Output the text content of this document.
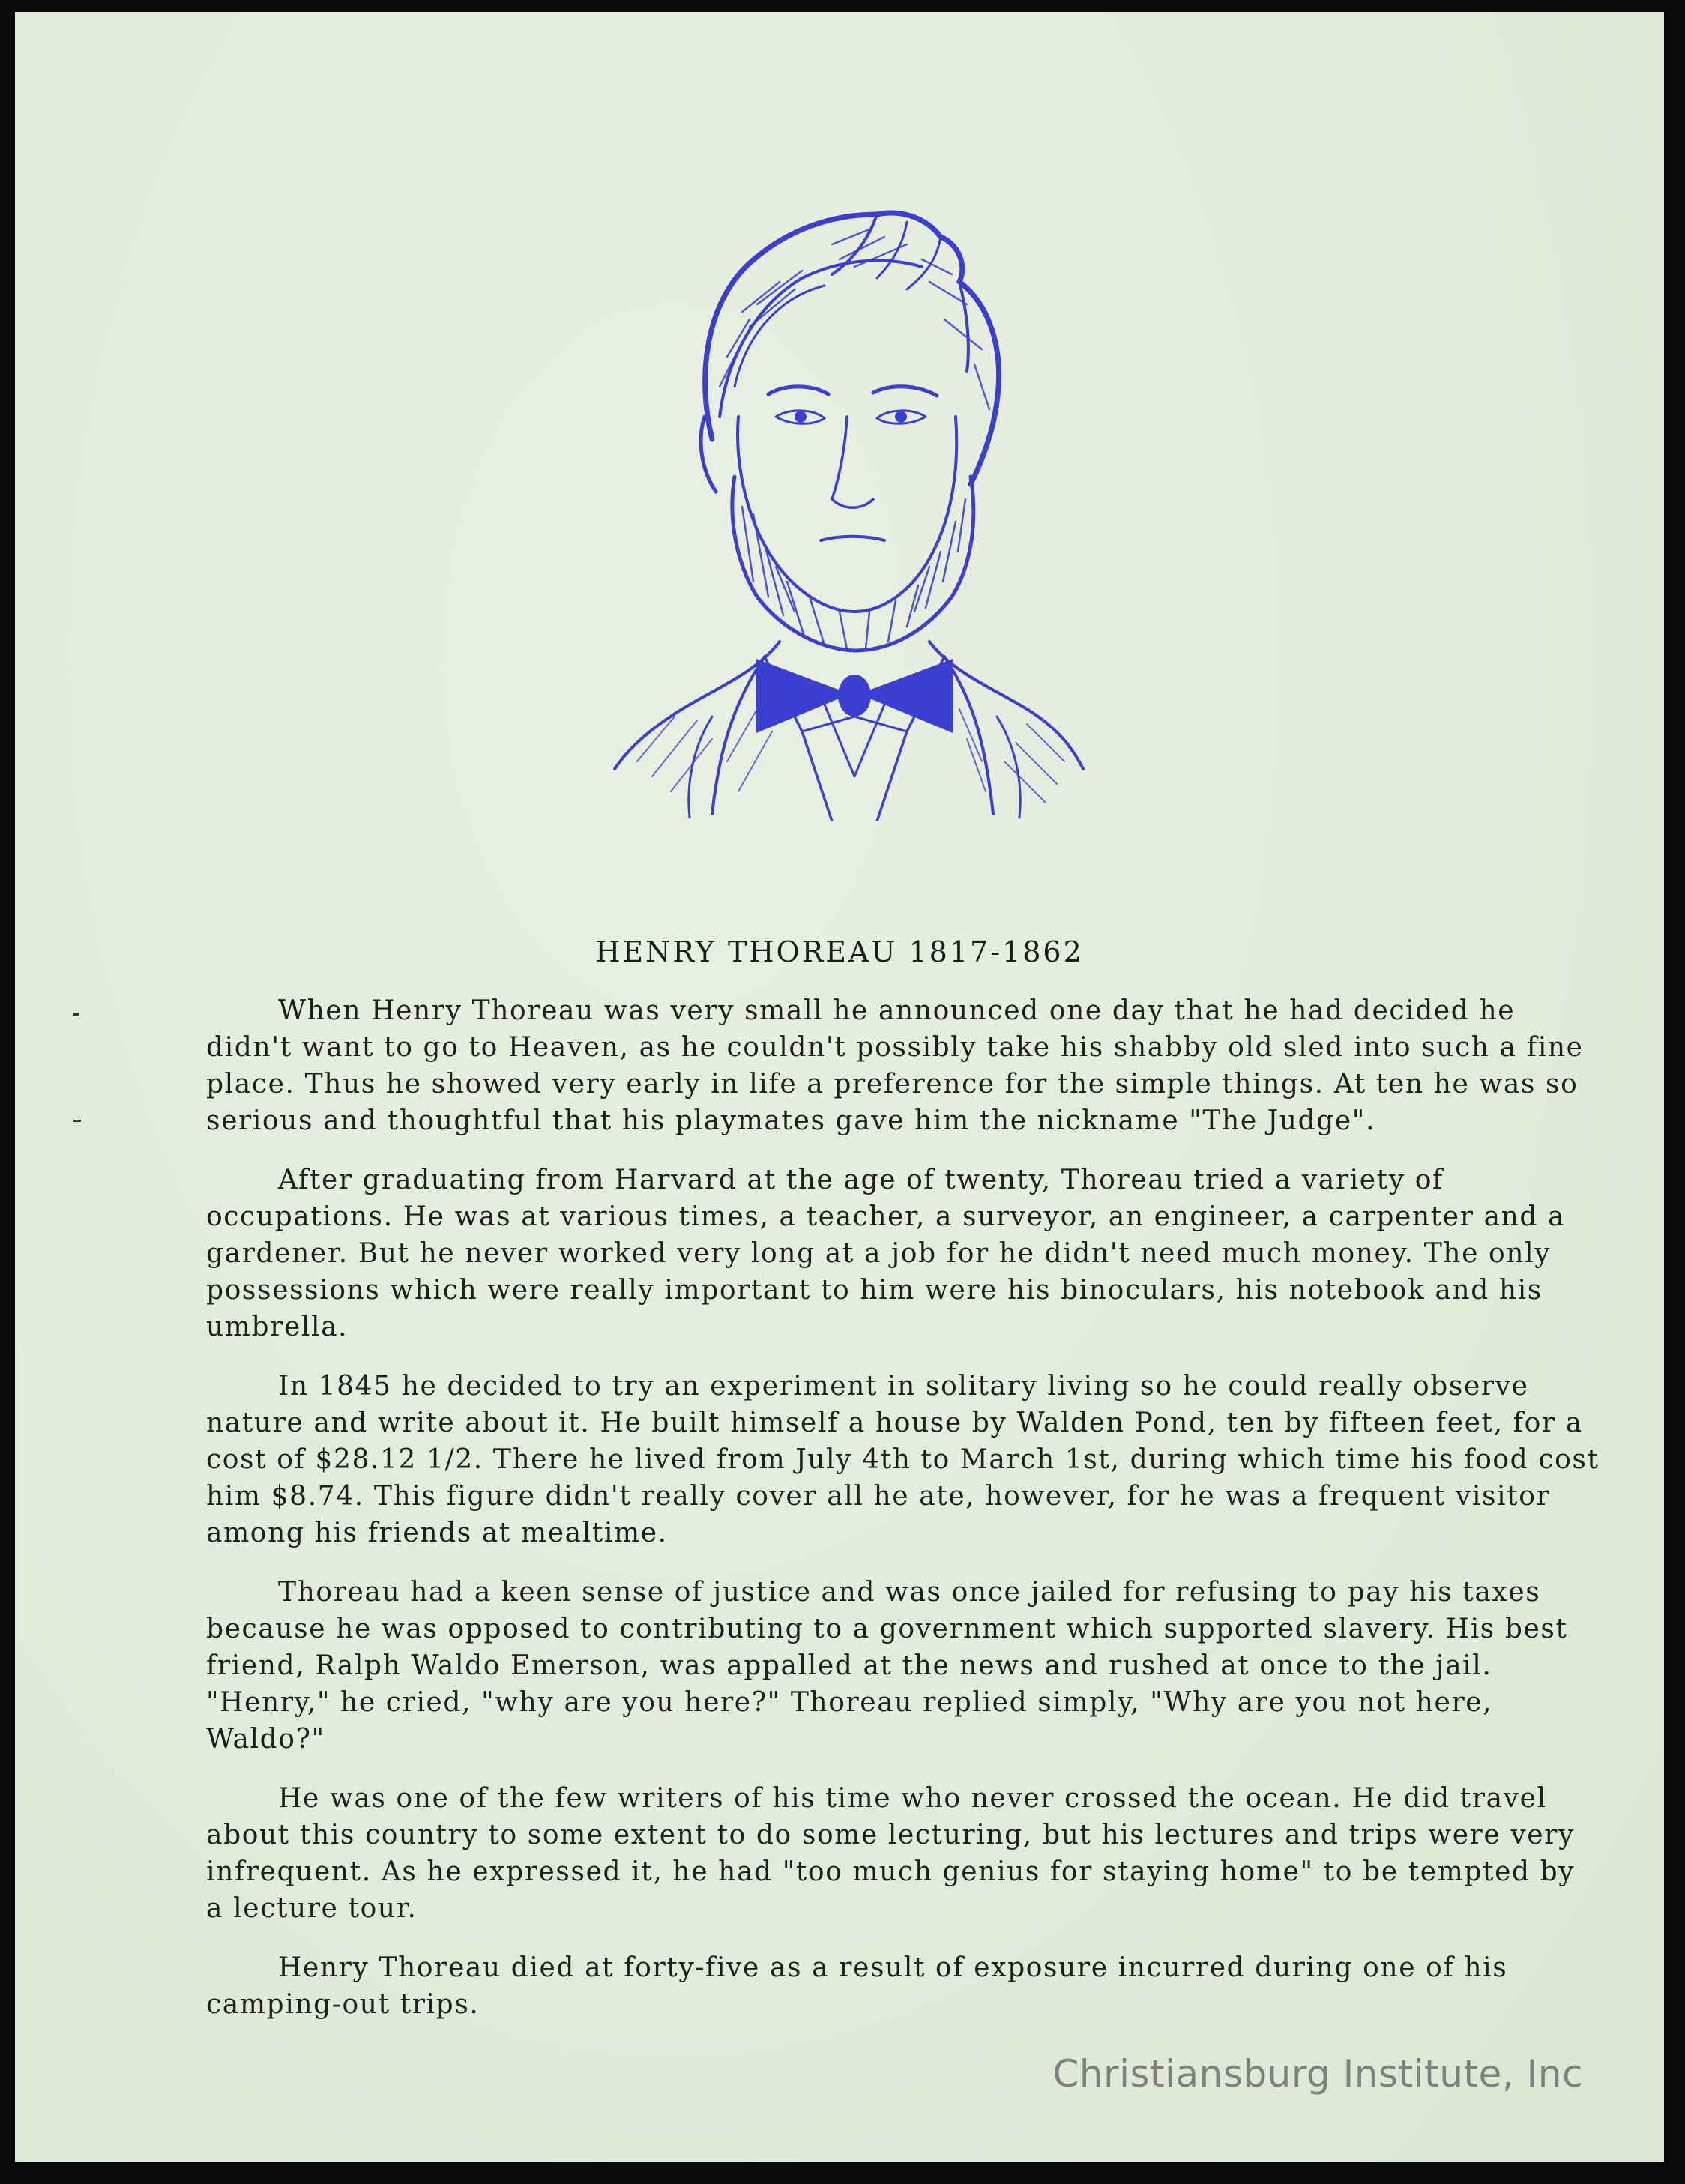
HENRY THOREAU 1817-1862

When Henry Thoreau was very small he announced one day that he had decided he didn't want to go to Heaven, as he couldn't possibly take his shabby old sled into such a fine place. Thus he showed very early in life a preference for the simple things. At ten he was so serious and thoughtful that his playmates gave him the nickname "The Judge".

After graduating from Harvard at the age of twenty, Thoreau tried a variety of occupations. He was at various times, a teacher, a surveyor, an engineer, a carpenter and a gardener. But he never worked very long at a job for he didn't need much money. The only possessions which were really important to him were his binoculars, his notebook and his umbrella.

In 1845 he decided to try an experiment in solitary living so he could really observe nature and write about it. He built himself a house by Walden Pond, ten by fifteen feet, for a cost of $28.12 1/2. There he lived from July 4th to March 1st, during which time his food cost him $8.74. This figure didn't really cover all he ate, however, for he was a frequent visitor among his friends at mealtime.

Thoreau had a keen sense of justice and was once jailed for refusing to pay his taxes because he was opposed to contributing to a government which supported slavery. His best friend, Ralph Waldo Emerson, was appalled at the news and rushed at once to the jail. "Henry," he cried, "why are you here?" Thoreau replied simply, "Why are you not here, Waldo?"

He was one of the few writers of his time who never crossed the ocean. He did travel about this country to some extent to do some lecturing, but his lectures and trips were very infrequent. As he expressed it, he had "too much genius for staying home" to be tempted by a lecture tour.

Henry Thoreau died at forty-five as a result of exposure incurred during one of his camping-out trips.

Christiansburg Institute, Inc
